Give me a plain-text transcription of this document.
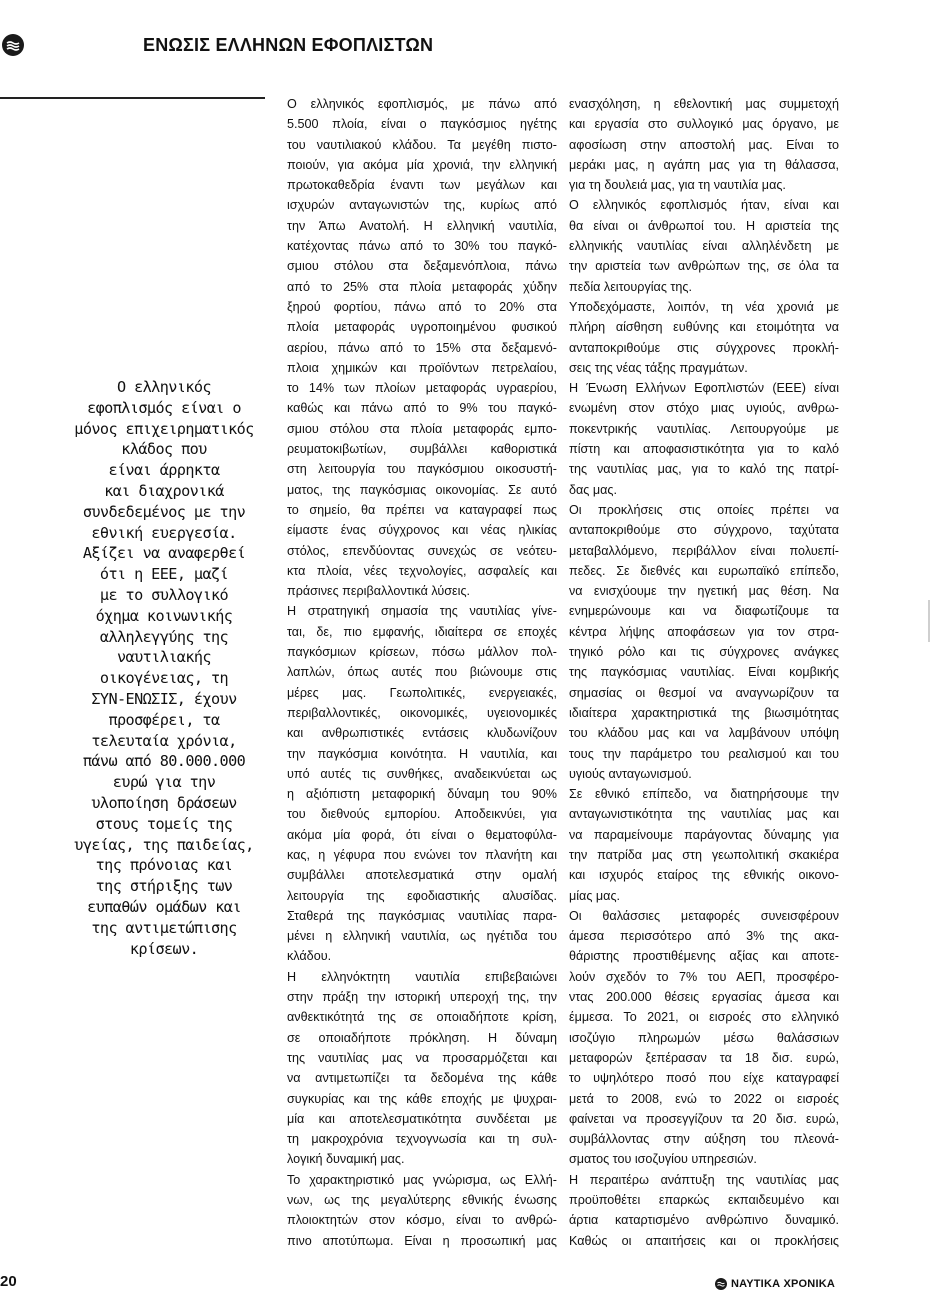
ΕΝΩΣΙΣ ΕΛΛΗΝΩΝ ΕΦΟΠΛΙΣΤΩΝ
Ο ελληνικός
εφοπλισμός είναι ο
μόνος επιχειρηματικός
κλάδος που
είναι άρρηκτα
και διαχρονικά
συνδεδεμένος με την
εθνική ευεργεσία.
Αξίζει να αναφερθεί
ότι η ΕΕΕ, μαζί
με το συλλογικό
όχημα κοινωνικής
αλληλεγγύης της
ναυτιλιακής
οικογένειας, τη
ΣΥΝ-ΕΝΩΣΙΣ, έχουν
προσφέρει, τα
τελευταία χρόνια,
πάνω από 80.000.000
ευρώ για την
υλοποίηση δράσεων
στους τομείς της
υγείας, της παιδείας,
της πρόνοιας και
της στήριξης των
ευπαθών ομάδων και
της αντιμετώπισης
κρίσεων.
Ο ελληνικός εφοπλισμός, με πάνω από
5.500 πλοία, είναι ο παγκόσμιος ηγέτης
του ναυτιλιακού κλάδου. Τα μεγέθη πιστο-
ποιούν, για ακόμα μία χρονιά, την ελληνική
πρωτοκαθεδρία έναντι των μεγάλων και
ισχυρών ανταγωνιστών της, κυρίως από
την Άπω Ανατολή. Η ελληνική ναυτιλία,
κατέχοντας πάνω από το 30% του παγκό-
σμιου στόλου στα δεξαμενόπλοια, πάνω
από το 25% στα πλοία μεταφοράς χύδην
ξηρού φορτίου, πάνω από το 20% στα
πλοία μεταφοράς υγροποιημένου φυσικού
αερίου, πάνω από το 15% στα δεξαμενό-
πλοια χημικών και προϊόντων πετρελαίου,
το 14% των πλοίων μεταφοράς υγραερίου,
καθώς και πάνω από το 9% του παγκό-
σμιου στόλου στα πλοία μεταφοράς εμπο-
ρευματοκιβωτίων, συμβάλλει καθοριστικά
στη λειτουργία του παγκόσμιου οικοσυστή-
ματος, της παγκόσμιας οικονομίας. Σε αυτό
το σημείο, θα πρέπει να καταγραφεί πως
είμαστε ένας σύγχρονος και νέας ηλικίας
στόλος, επενδύοντας συνεχώς σε νεότευ-
κτα πλοία, νέες τεχνολογίες, ασφαλείς και
πράσινες περιβαλλοντικά λύσεις.
Η στρατηγική σημασία της ναυτιλίας γίνε-
ται, δε, πιο εμφανής, ιδιαίτερα σε εποχές
παγκόσμιων κρίσεων, πόσω μάλλον πολ-
λαπλών, όπως αυτές που βιώνουμε στις
μέρες μας. Γεωπολιτικές, ενεργειακές,
περιβαλλοντικές, οικονομικές, υγειονομικές
και ανθρωπιστικές εντάσεις κλυδωνίζουν
την παγκόσμια κοινότητα. Η ναυτιλία, και
υπό αυτές τις συνθήκες, αναδεικνύεται ως
η αξιόπιστη μεταφορική δύναμη του 90%
του διεθνούς εμπορίου. Αποδεικνύει, για
ακόμα μία φορά, ότι είναι ο θεματοφύλα-
κας, η γέφυρα που ενώνει τον πλανήτη και
συμβάλλει αποτελεσματικά στην ομαλή
λειτουργία της εφοδιαστικής αλυσίδας.
Σταθερά της παγκόσμιας ναυτιλίας παρα-
μένει η ελληνική ναυτιλία, ως ηγέτιδα του
κλάδου.
Η ελληνόκτητη ναυτιλία επιβεβαιώνει
στην πράξη την ιστορική υπεροχή της, την
ανθεκτικότητά της σε οποιαδήποτε κρίση,
σε οποιαδήποτε πρόκληση. Η δύναμη
της ναυτιλίας μας να προσαρμόζεται και
να αντιμετωπίζει τα δεδομένα της κάθε
συγκυρίας και της κάθε εποχής με ψυχραι-
μία και αποτελεσματικότητα συνδέεται με
τη μακροχρόνια τεχνογνωσία και τη συλ-
λογική δυναμική μας.
Το χαρακτηριστικό μας γνώρισμα, ως Ελλή-
νων, ως της μεγαλύτερης εθνικής ένωσης
πλοιοκτητών στον κόσμο, είναι το ανθρώ-
πινο αποτύπωμα. Είναι η προσωπική μας
ενασχόληση, η εθελοντική μας συμμετοχή
και εργασία στο συλλογικό μας όργανο, με
αφοσίωση στην αποστολή μας. Είναι το
μεράκι μας, η αγάπη μας για τη θάλασσα,
για τη δουλειά μας, για τη ναυτιλία μας.
Ο ελληνικός εφοπλισμός ήταν, είναι και
θα είναι οι άνθρωποί του. Η αριστεία της
ελληνικής ναυτιλίας είναι αλληλένδετη με
την αριστεία των ανθρώπων της, σε όλα τα
πεδία λειτουργίας της.
Υποδεχόμαστε, λοιπόν, τη νέα χρονιά με
πλήρη αίσθηση ευθύνης και ετοιμότητα να
ανταποκριθούμε στις σύγχρονες προκλή-
σεις της νέας τάξης πραγμάτων.
Η Ένωση Ελλήνων Εφοπλιστών (ΕΕΕ) είναι
ενωμένη στον στόχο μιας υγιούς, ανθρω-
ποκεντρικής ναυτιλίας. Λειτουργούμε με
πίστη και αποφασιστικότητα για το καλό
της ναυτιλίας μας, για το καλό της πατρί-
δας μας.
Οι προκλήσεις στις οποίες πρέπει να
ανταποκριθούμε στο σύγχρονο, ταχύτατα
μεταβαλλόμενο, περιβάλλον είναι πολυεπί-
πεδες. Σε διεθνές και ευρωπαϊκό επίπεδο,
να ενισχύουμε την ηγετική μας θέση. Να
ενημερώνουμε και να διαφωτίζουμε τα
κέντρα λήψης αποφάσεων για τον στρα-
τηγικό ρόλο και τις σύγχρονες ανάγκες
της παγκόσμιας ναυτιλίας. Είναι κομβικής
σημασίας οι θεσμοί να αναγνωρίζουν τα
ιδιαίτερα χαρακτηριστικά της βιωσιμότητας
του κλάδου μας και να λαμβάνουν υπόψη
τους την παράμετρο του ρεαλισμού και του
υγιούς ανταγωνισμού.
Σε εθνικό επίπεδο, να διατηρήσουμε την
ανταγωνιστικότητα της ναυτιλίας μας και
να παραμείνουμε παράγοντας δύναμης για
την πατρίδα μας στη γεωπολιτική σκακιέρα
και ισχυρός εταίρος της εθνικής οικονο-
μίας μας.
Οι θαλάσσιες μεταφορές συνεισφέρουν
άμεσα περισσότερο από 3% της ακα-
θάριστης προστιθέμενης αξίας και αποτε-
λούν σχεδόν το 7% του ΑΕΠ, προσφέρο-
ντας 200.000 θέσεις εργασίας άμεσα και
έμμεσα. Το 2021, οι εισροές στο ελληνικό
ισοζύγιο πληρωμών μέσω θαλάσσιων
μεταφορών ξεπέρασαν τα 18 δισ. ευρώ,
το υψηλότερο ποσό που είχε καταγραφεί
μετά το 2008, ενώ το 2022 οι εισροές
φαίνεται να προσεγγίζουν τα 20 δισ. ευρώ,
συμβάλλοντας στην αύξηση του πλεονά-
σματος του ισοζυγίου υπηρεσιών.
Η περαιτέρω ανάπτυξη της ναυτιλίας μας
προϋποθέτει επαρκώς εκπαιδευμένο και
άρτια καταρτισμένο ανθρώπινο δυναμικό.
Καθώς οι απαιτήσεις και οι προκλήσεις
20	ΝΑΥΤΙΚΑ ΧΡΟΝΙΚΑ
